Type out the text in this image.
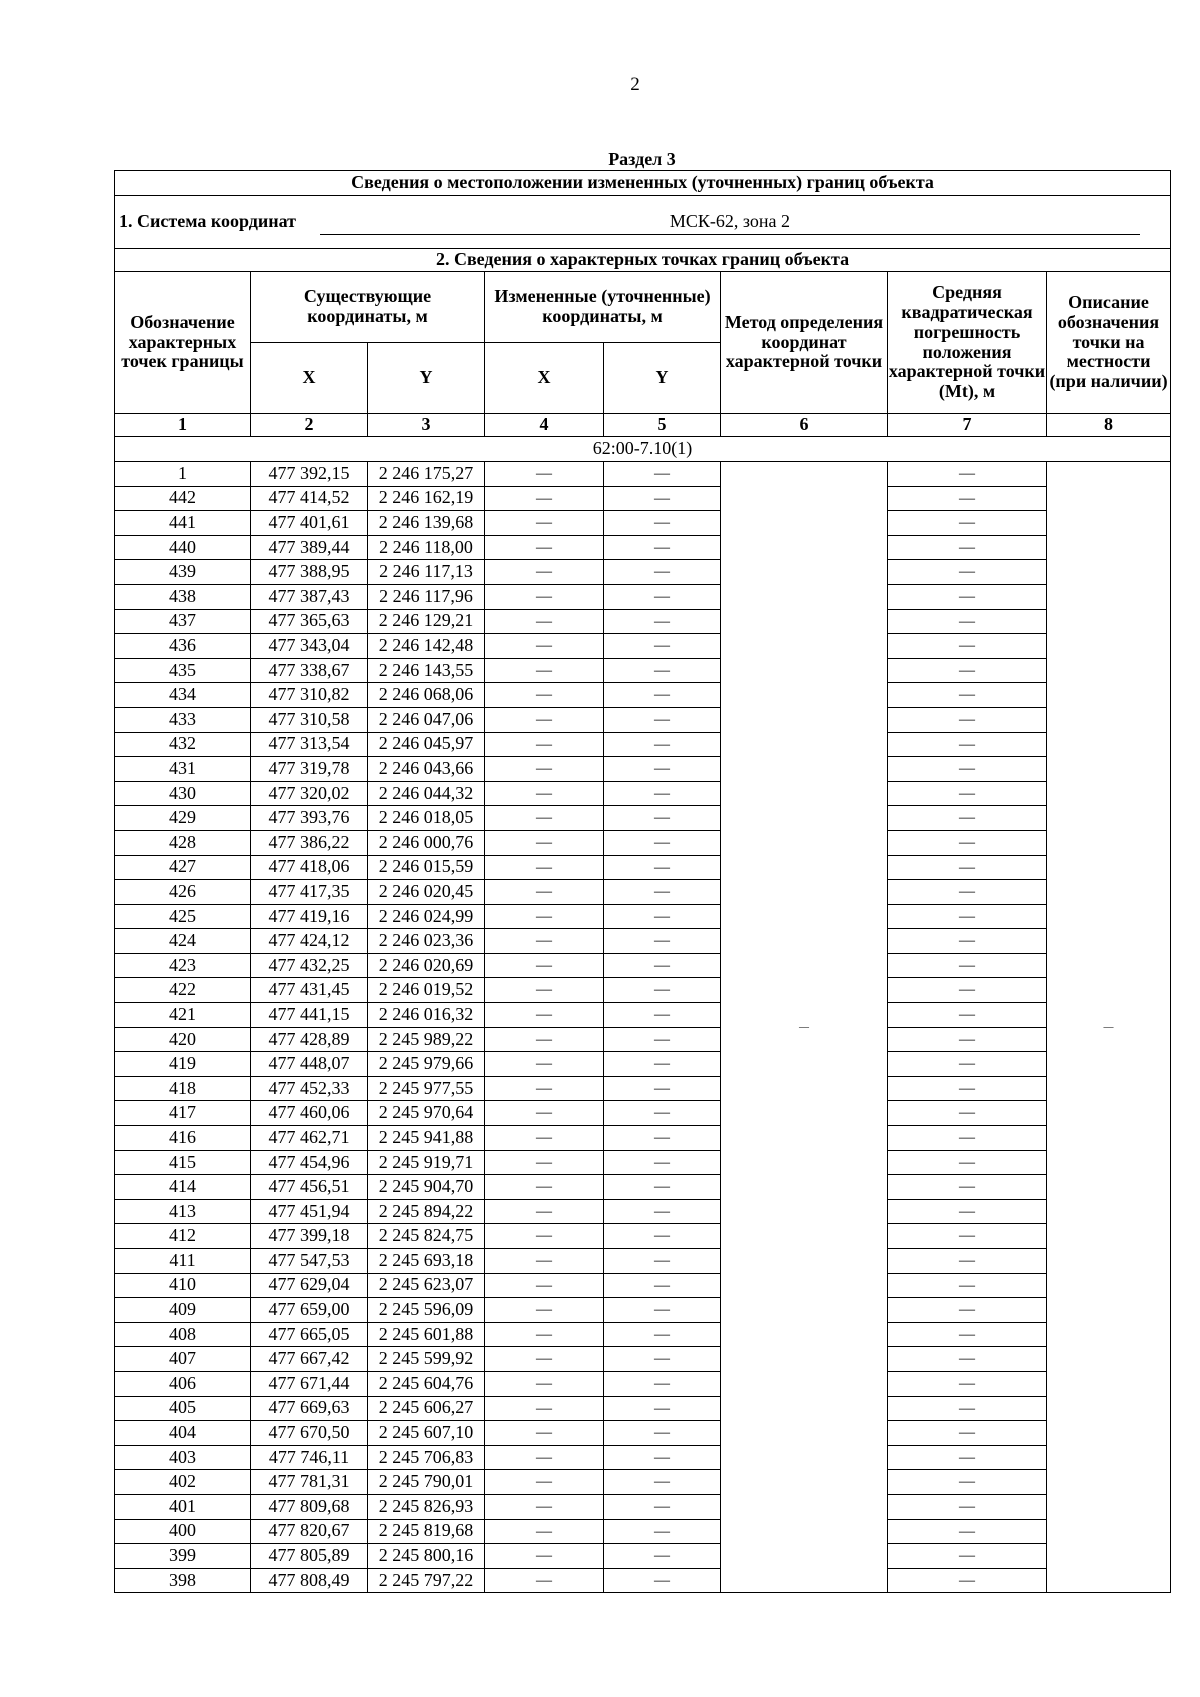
2
Раздел 3
Сведения о местоположении измененных (уточненных) границ объекта							

1. Система координат МСК-62, зона 2							

2. Сведения о характерных точках границ объекта							
Обозначение характерных точек границы	Существующие координаты, м		Измененные (уточненные) координаты, м		Метод определения координат характерной точки	Средняя квадратическая погрешность положения характерной точки (Mt), м	Описание обозначения точки на местности (при наличии)
	X	Y	X	Y			
1	2	3	4	5	6	7	8
62:00-7.10(1)							
1	477 392,15	2 246 175,27	—	—	—	—	—
442	477 414,52	2 246 162,19	—	—		—	
441	477 401,61	2 246 139,68	—	—		—	
440	477 389,44	2 246 118,00	—	—		—	
439	477 388,95	2 246 117,13	—	—		—	
438	477 387,43	2 246 117,96	—	—		—	
437	477 365,63	2 246 129,21	—	—		—	
436	477 343,04	2 246 142,48	—	—		—	
435	477 338,67	2 246 143,55	—	—		—	
434	477 310,82	2 246 068,06	—	—		—	
433	477 310,58	2 246 047,06	—	—		—	
432	477 313,54	2 246 045,97	—	—		—	
431	477 319,78	2 246 043,66	—	—		—	
430	477 320,02	2 246 044,32	—	—		—	
429	477 393,76	2 246 018,05	—	—		—	
428	477 386,22	2 246 000,76	—	—		—	
427	477 418,06	2 246 015,59	—	—		—	
426	477 417,35	2 246 020,45	—	—		—	
425	477 419,16	2 246 024,99	—	—		—	
424	477 424,12	2 246 023,36	—	—		—	
423	477 432,25	2 246 020,69	—	—		—	
422	477 431,45	2 246 019,52	—	—		—	
421	477 441,15	2 246 016,32	—	—		—	
420	477 428,89	2 245 989,22	—	—		—	
419	477 448,07	2 245 979,66	—	—		—	
418	477 452,33	2 245 977,55	—	—		—	
417	477 460,06	2 245 970,64	—	—		—	
416	477 462,71	2 245 941,88	—	—		—	
415	477 454,96	2 245 919,71	—	—		—	
414	477 456,51	2 245 904,70	—	—		—	
413	477 451,94	2 245 894,22	—	—		—	
412	477 399,18	2 245 824,75	—	—		—	
411	477 547,53	2 245 693,18	—	—		—	
410	477 629,04	2 245 623,07	—	—		—	
409	477 659,00	2 245 596,09	—	—		—	
408	477 665,05	2 245 601,88	—	—		—	
407	477 667,42	2 245 599,92	—	—		—	
406	477 671,44	2 245 604,76	—	—		—	
405	477 669,63	2 245 606,27	—	—		—	
404	477 670,50	2 245 607,10	—	—		—	
403	477 746,11	2 245 706,83	—	—		—	
402	477 781,31	2 245 790,01	—	—		—	
401	477 809,68	2 245 826,93	—	—		—	
400	477 820,67	2 245 819,68	—	—		—	
399	477 805,89	2 245 800,16	—	—		—	
398	477 808,49	2 245 797,22	—	—		—	
